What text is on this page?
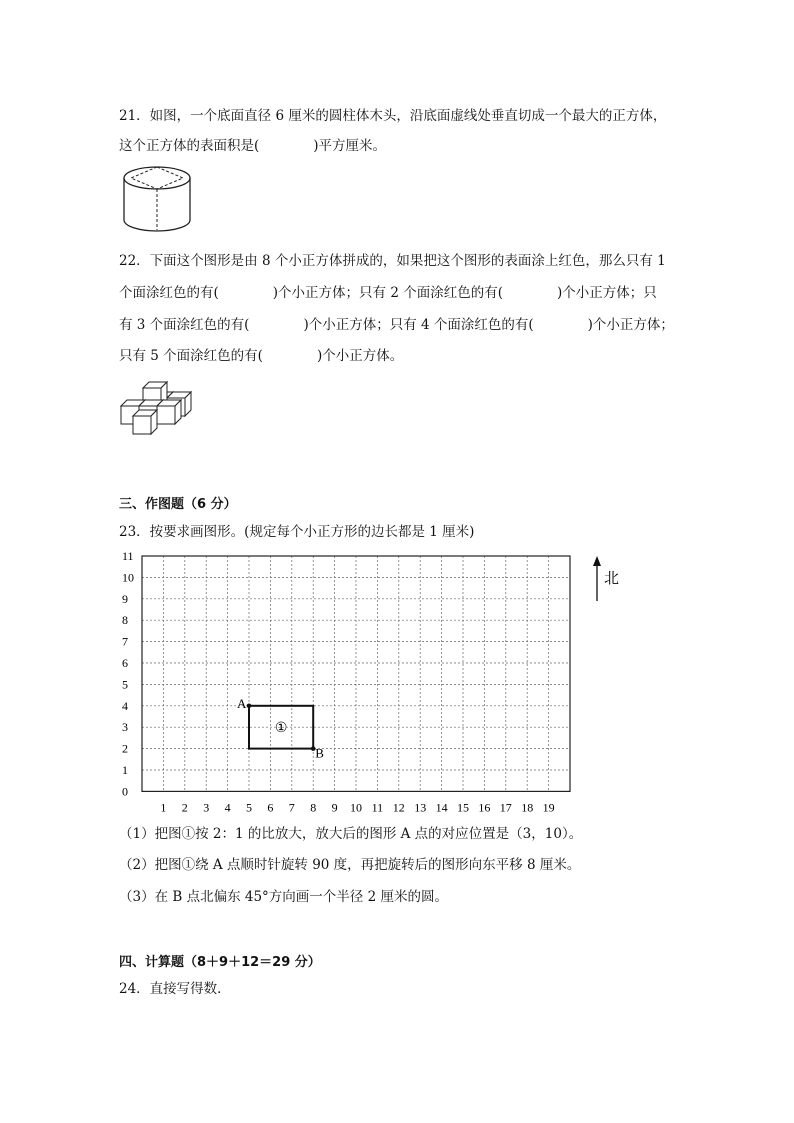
21．如图，一个底面直径 6 厘米的圆柱体木头，沿底面虚线处垂直切成一个最大的正方体，
这个正方体的表面积是(　　　　)平方厘米。
22．下面这个图形是由 8 个小正方体拼成的，如果把这个图形的表面涂上红色，那么只有 1
个面涂红色的有(　　　　)个小正方体；只有 2 个面涂红色的有(　　　　)个小正方体；只
有 3 个面涂红色的有(　　　　)个小正方体；只有 4 个面涂红色的有(　　　　)个小正方体；
只有 5 个面涂红色的有(　　　　)个小正方体。
三、作图题（6 分）
23．按要求画图形。(规定每个小正方形的边长都是 1 厘米)
1 2 3 4 5 6 7 8 9 10 11 12 13 14 15 16 17 18 19
0
1
2
3
4
5
6
7
8
9
10
11
A
B
①
北
（1）把图①按 2：1 的比放大，放大后的图形 A 点的对应位置是（3，10）。
（2）把图①绕 A 点顺时针旋转 90 度，再把旋转后的图形向东平移 8 厘米。
（3）在 B 点北偏东 45°方向画一个半径 2 厘米的圆。
四、计算题（8＋9＋12＝29 分）
24．直接写得数．
